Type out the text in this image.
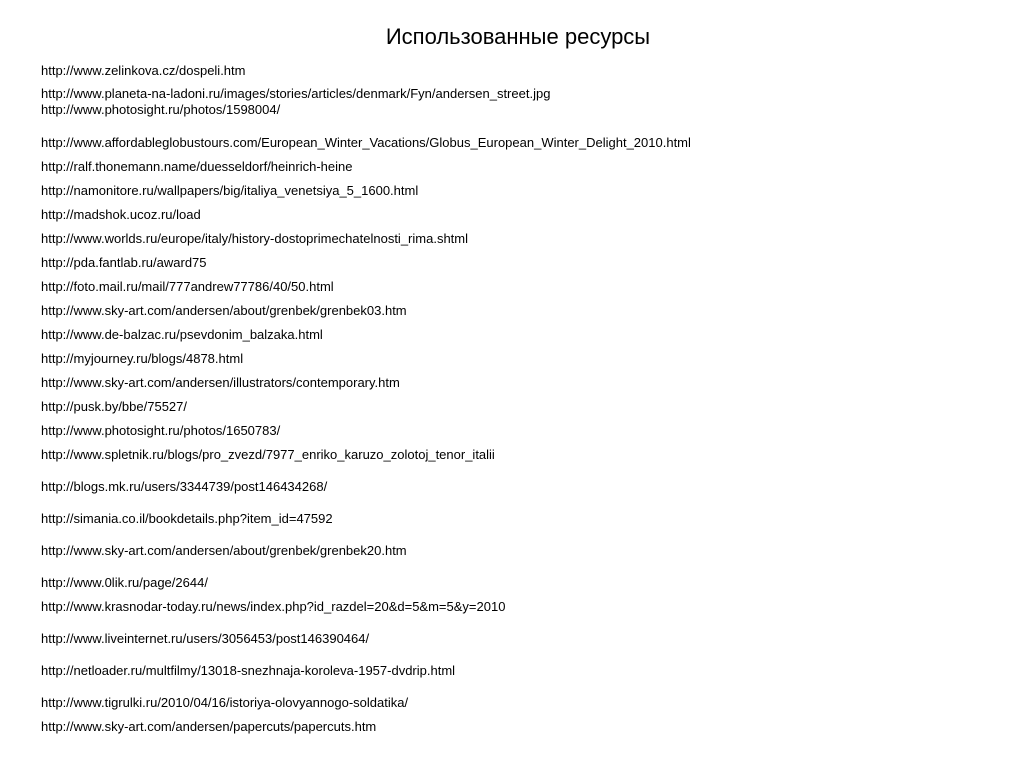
Использованные ресурсы
http://www.zelinkova.cz/dospeli.htm
http://www.planeta-na-ladoni.ru/images/stories/articles/denmark/Fyn/andersen_street.jpg
http://www.photosight.ru/photos/1598004/
http://www.affordableglobustours.com/European_Winter_Vacations/Globus_European_Winter_Delight_2010.html
http://ralf.thonemann.name/duesseldorf/heinrich-heine
http://namonitore.ru/wallpapers/big/italiya_venetsiya_5_1600.html
http://madshok.ucoz.ru/load
http://www.worlds.ru/europe/italy/history-dostoprimechatelnosti_rima.shtml
http://pda.fantlab.ru/award75
http://foto.mail.ru/mail/777andrew77786/40/50.html
http://www.sky-art.com/andersen/about/grenbek/grenbek03.htm
http://www.de-balzac.ru/psevdonim_balzaka.html
http://myjourney.ru/blogs/4878.html
http://www.sky-art.com/andersen/illustrators/contemporary.htm
http://pusk.by/bbe/75527/
http://www.photosight.ru/photos/1650783/
http://www.spletnik.ru/blogs/pro_zvezd/7977_enriko_karuzo_zolotoj_tenor_italii
http://blogs.mk.ru/users/3344739/post146434268/
http://simania.co.il/bookdetails.php?item_id=47592
http://www.sky-art.com/andersen/about/grenbek/grenbek20.htm
http://www.0lik.ru/page/2644/
http://www.krasnodar-today.ru/news/index.php?id_razdel=20&d=5&m=5&y=2010
http://www.liveinternet.ru/users/3056453/post146390464/
http://netloader.ru/multfilmy/13018-snezhnaja-koroleva-1957-dvdrip.html
http://www.tigrulki.ru/2010/04/16/istoriya-olovyannogo-soldatika/
http://www.sky-art.com/andersen/papercuts/papercuts.htm
